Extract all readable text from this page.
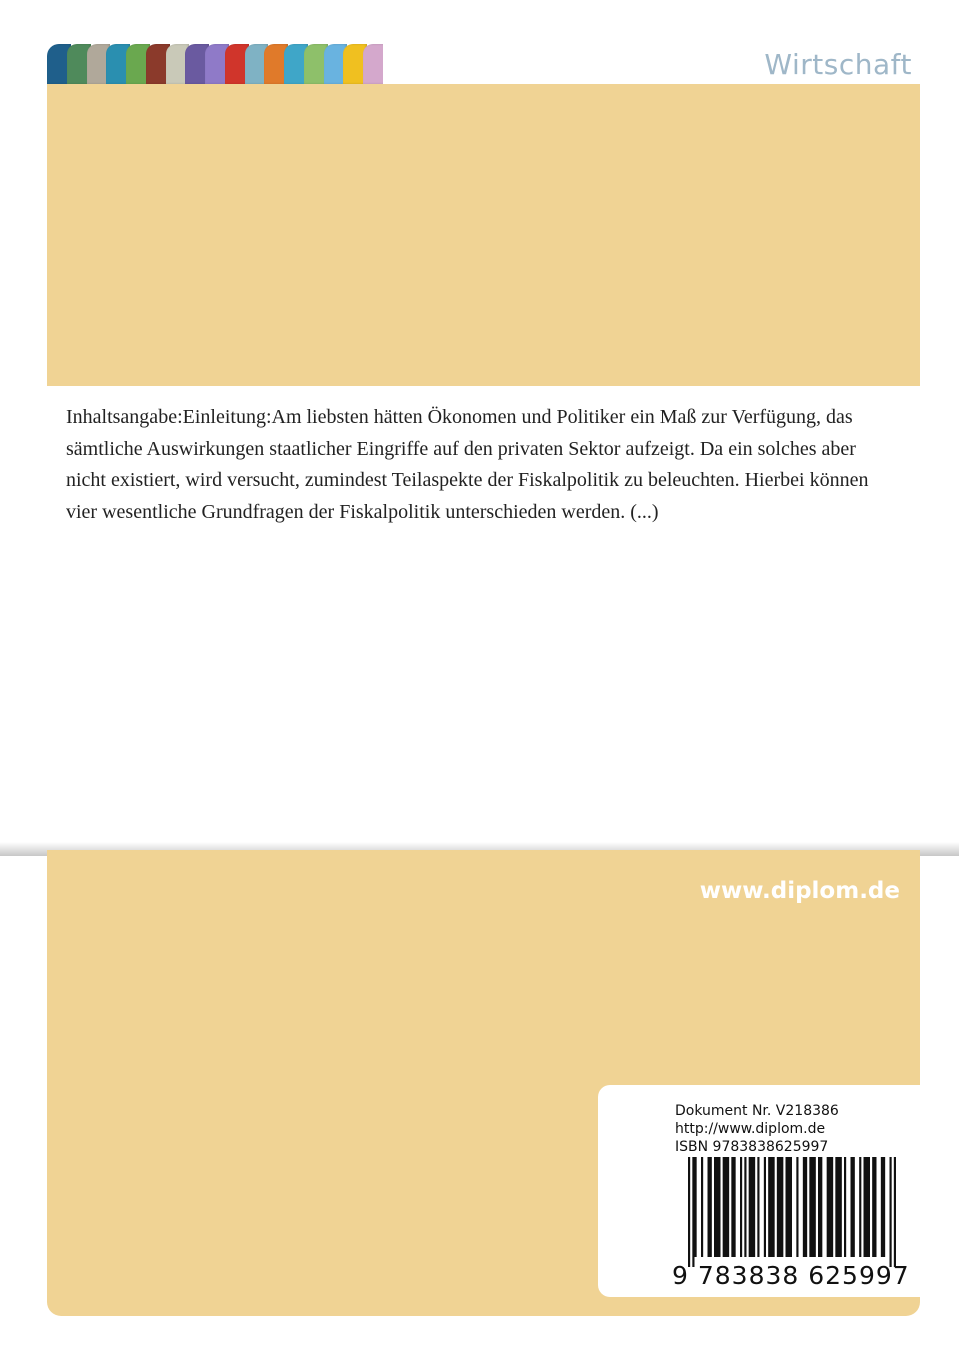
Wirtschaft
Inhaltsangabe:Einleitung:Am liebsten hätten Ökonomen und Politiker ein Maß zur Verfügung, das sämtliche Auswirkungen staatlicher Eingriffe auf den privaten Sektor aufzeigt. Da ein solches aber nicht existiert, wird versucht, zumindest Teilaspekte der Fiskalpolitik zu beleuchten. Hierbei können vier wesentliche Grundfragen der Fiskalpolitik unterschieden werden. (...)
www.diplom.de
Dokument Nr. V218386
http://www.diplom.de
ISBN 9783838625997
9 783838 625997
